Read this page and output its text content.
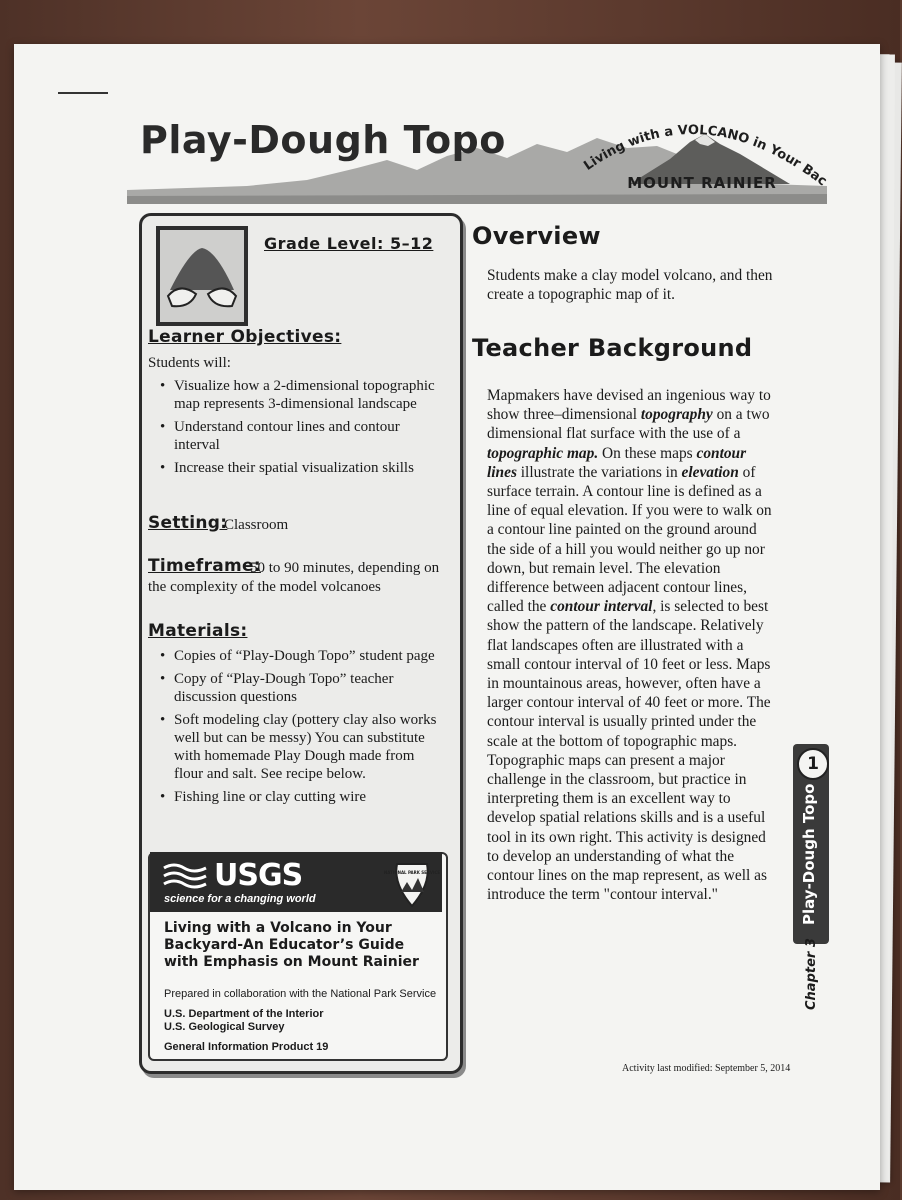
Play-Dough Topo
Living with a VOLCANO in Your Bac
MOUNT RAINIER
Grade Level: 5–12
Learner Objectives:
Students will:
• Visualize how a 2-dimensional topographic map represents 3-dimensional landscape
• Understand contour lines and contour interval
• Increase their spatial visualization skills
Setting:
Classroom
Timeframe:
50 to 90 minutes, depending on the complexity of the model volcanoes
Materials:
• Copies of “Play-Dough Topo” student page
• Copy of “Play-Dough Topo” teacher discussion questions
• Soft modeling clay (pottery clay also works well but can be messy) You can substitute with homemade Play Dough made from flour and salt. See recipe below.
• Fishing line or clay cutting wire
USGS
science for a changing world
NATIONAL PARK SERVICE
Living with a Volcano in Your Backyard-An Educator’s Guide with Emphasis on Mount Rainier
Prepared in collaboration with the National Park Service
U.S. Department of the Interior
U.S. Geological Survey
General Information Product 19
Overview
Students make a clay model volcano, and then create a topographic map of it.
Teacher Background
Mapmakers have devised an ingenious way to show three–dimensional topography on a two dimensional flat surface with the use of a topographic map. On these maps contour lines illustrate the variations in elevation of surface terrain. A contour line is defined as a line of equal elevation. If you were to walk on a contour line painted on the ground around the side of a hill you would neither go up nor down, but remain level. The elevation difference between adjacent contour lines, called the contour interval, is selected to best show the pattern of the landscape. Relatively flat landscapes often are illustrated with a small contour interval of 10 feet or less. Maps in mountainous areas, however, often have a larger contour interval of 40 feet or more. The contour interval is usually printed under the scale at the bottom of topographic maps. Topographic maps can present a major challenge in the classroom, but practice in interpreting them is an excellent way to develop spatial relations skills and is a useful tool in its own right. This activity is designed to develop an understanding of what the contour lines on the map represent, as well as introduce the term "contour interval."
Activity last modified: September 5, 2014
1
Play-Dough Topo
Chapter 3
